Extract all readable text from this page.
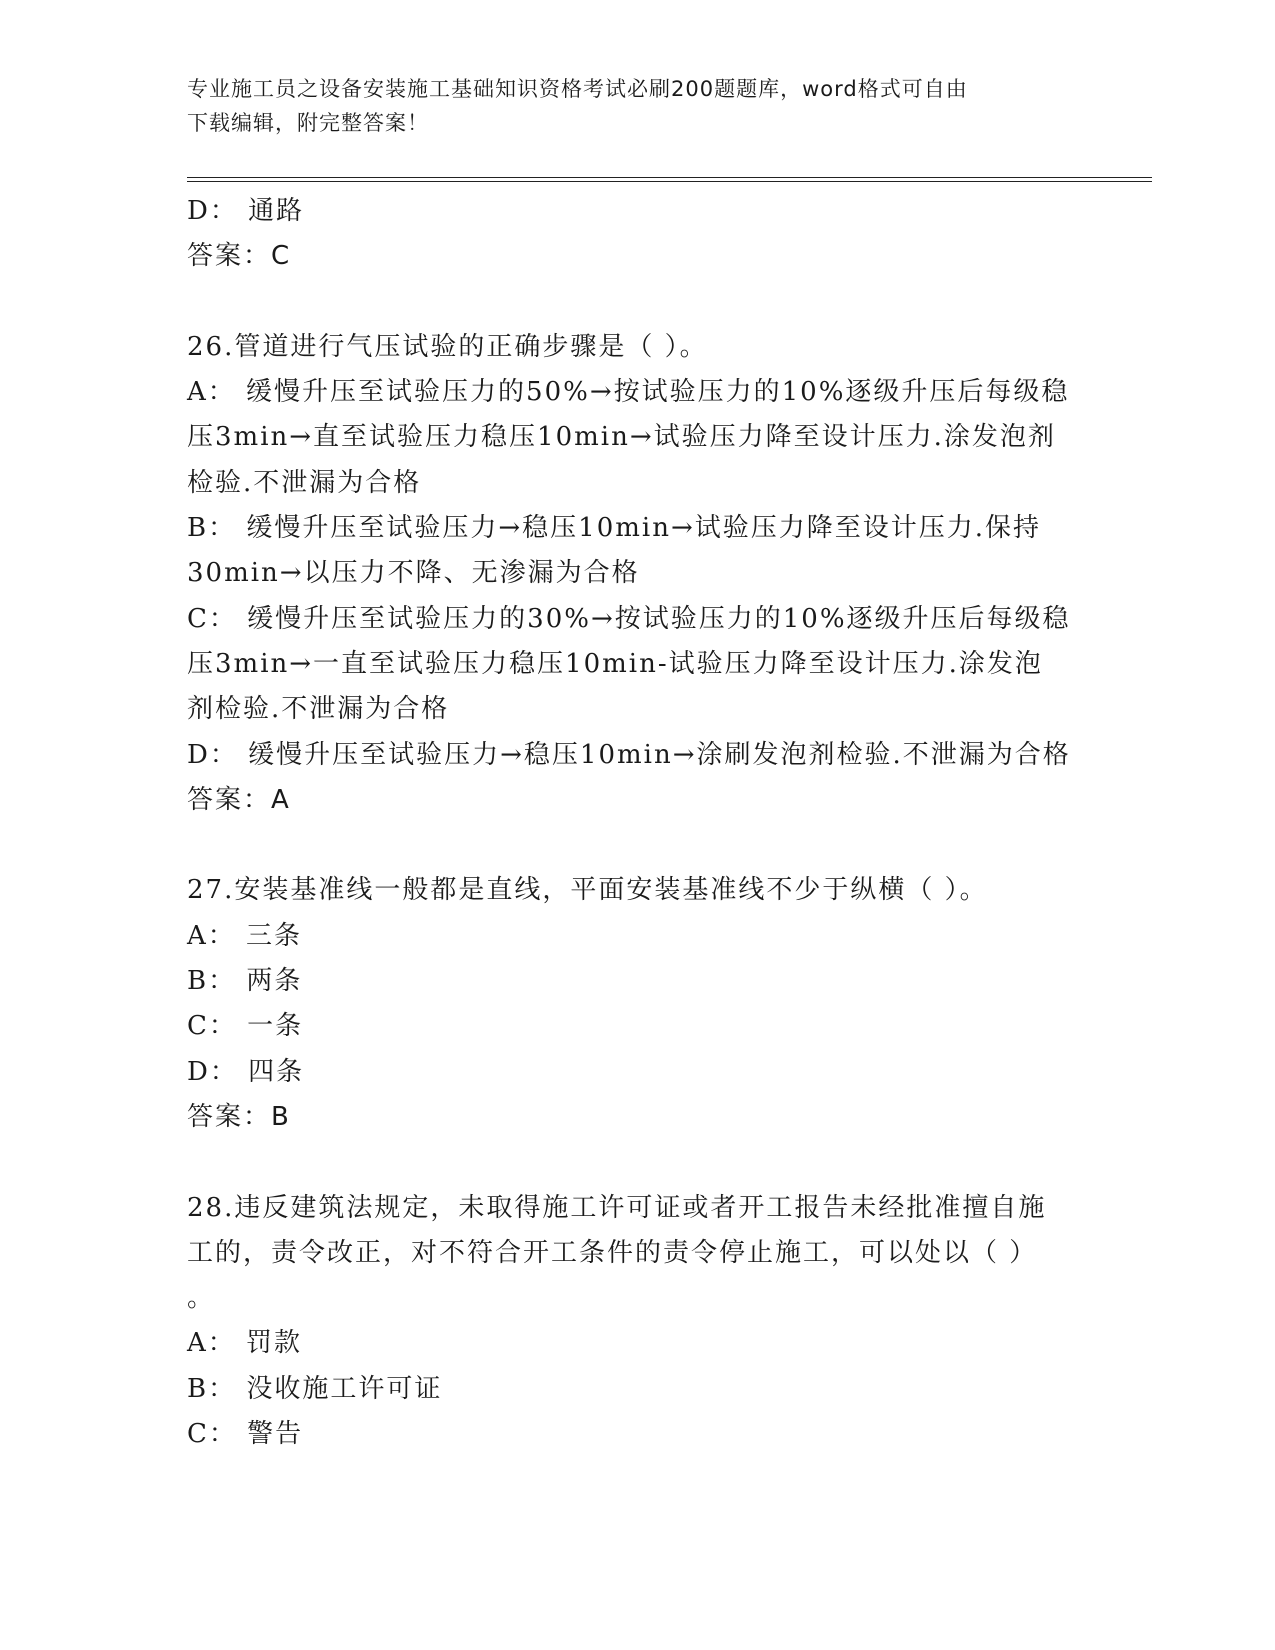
专业施工员之设备安装施工基础知识资格考试必刷200题题库，word格式可自由
下载编辑，附完整答案！
D： 通路
答案：C
26.管道进行气压试验的正确步骤是（ ）。
A： 缓慢升压至试验压力的50%→按试验压力的10%逐级升压后每级稳
压3min→直至试验压力稳压10min→试验压力降至设计压力.涂发泡剂
检验.不泄漏为合格
B： 缓慢升压至试验压力→稳压10min→试验压力降至设计压力.保持
30min→以压力不降、无渗漏为合格
C： 缓慢升压至试验压力的30%→按试验压力的10%逐级升压后每级稳
压3min→一直至试验压力稳压10min-试验压力降至设计压力.涂发泡
剂检验.不泄漏为合格
D： 缓慢升压至试验压力→稳压10min→涂刷发泡剂检验.不泄漏为合格
答案：A
27.安装基准线一般都是直线，平面安装基准线不少于纵横（ ）。
A： 三条
B： 两条
C： 一条
D： 四条
答案：B
28.违反建筑法规定，未取得施工许可证或者开工报告未经批准擅自施
工的，责令改正，对不符合开工条件的责令停止施工，可以处以（ ）
。
A： 罚款
B： 没收施工许可证
C： 警告
